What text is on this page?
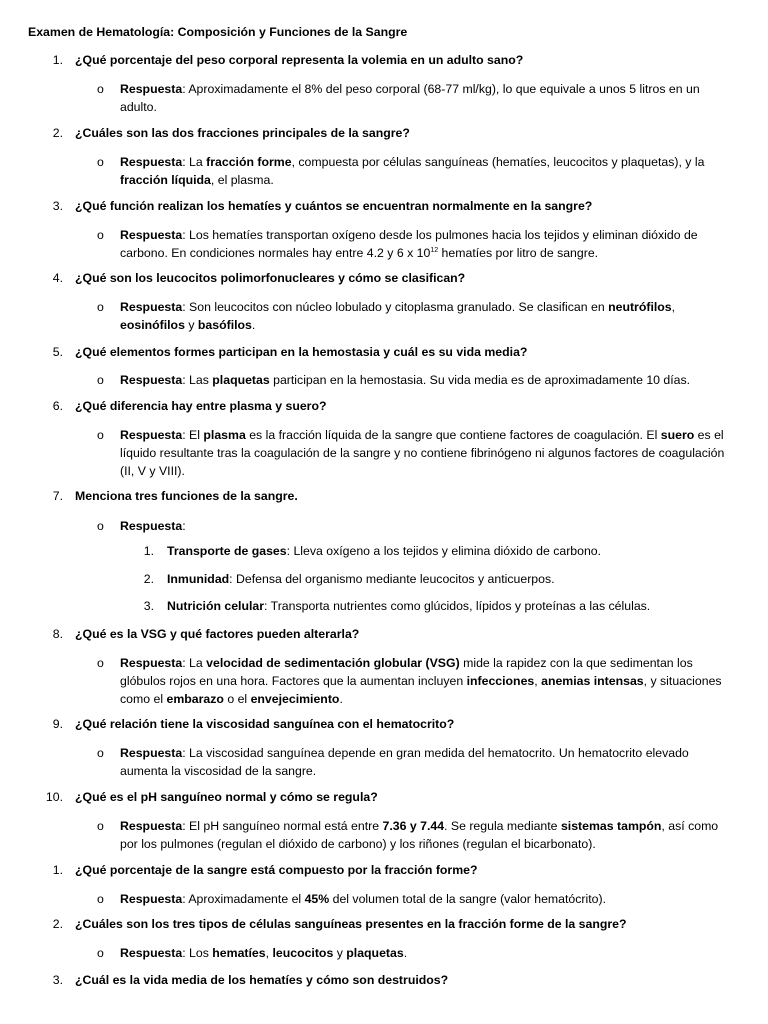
Examen de Hematología: Composición y Funciones de la Sangre
1. ¿Qué porcentaje del peso corporal representa la volemia en un adulto sano?
o Respuesta: Aproximadamente el 8% del peso corporal (68-77 ml/kg), lo que equivale a unos 5 litros en un adulto.
2. ¿Cuáles son las dos fracciones principales de la sangre?
o Respuesta: La fracción forme, compuesta por células sanguíneas (hematíes, leucocitos y plaquetas), y la fracción líquida, el plasma.
3. ¿Qué función realizan los hematíes y cuántos se encuentran normalmente en la sangre?
o Respuesta: Los hematíes transportan oxígeno desde los pulmones hacia los tejidos y eliminan dióxido de carbono. En condiciones normales hay entre 4.2 y 6 x $10^{12}$ hematíes por litro de sangre.
4. ¿Qué son los leucocitos polimorfonucleares y cómo se clasifican?
o Respuesta: Son leucocitos con núcleo lobulado y citoplasma granulado. Se clasifican en neutrófilos, eosinófilos y basófilos.
5. ¿Qué elementos formes participan en la hemostasia y cuál es su vida media?
o Respuesta: Las plaquetas participan en la hemostasia. Su vida media es de aproximadamente 10 días.
6. ¿Qué diferencia hay entre plasma y suero?
o Respuesta: El plasma es la fracción líquida de la sangre que contiene factores de coagulación. El suero es el líquido resultante tras la coagulación de la sangre y no contiene fibrinógeno ni algunos factores de coagulación (II, V y VIII).
7. Menciona tres funciones de la sangre.
o Respuesta:
1. Transporte de gases: Lleva oxígeno a los tejidos y elimina dióxido de carbono.
2. Inmunidad: Defensa del organismo mediante leucocitos y anticuerpos.
3. Nutrición celular: Transporta nutrientes como glúcidos, lípidos y proteínas a las células.
8. ¿Qué es la VSG y qué factores pueden alterarla?
o Respuesta: La velocidad de sedimentación globular (VSG) mide la rapidez con la que sedimentan los glóbulos rojos en una hora. Factores que la aumentan incluyen infecciones, anemias intensas, y situaciones como el embarazo o el envejecimiento.
9. ¿Qué relación tiene la viscosidad sanguínea con el hematocrito?
o Respuesta: La viscosidad sanguínea depende en gran medida del hematocrito. Un hematocrito elevado aumenta la viscosidad de la sangre.
10. ¿Qué es el pH sanguíneo normal y cómo se regula?
o Respuesta: El pH sanguíneo normal está entre 7.36 y 7.44. Se regula mediante sistemas tampón, así como por los pulmones (regulan el dióxido de carbono) y los riñones (regulan el bicarbonato).
1. ¿Qué porcentaje de la sangre está compuesto por la fracción forme?
o Respuesta: Aproximadamente el 45% del volumen total de la sangre (valor hematócrito).
2. ¿Cuáles son los tres tipos de células sanguíneas presentes en la fracción forme de la sangre?
o Respuesta: Los hematíes, leucocitos y plaquetas.
3. ¿Cuál es la vida media de los hematíes y cómo son destruidos?
